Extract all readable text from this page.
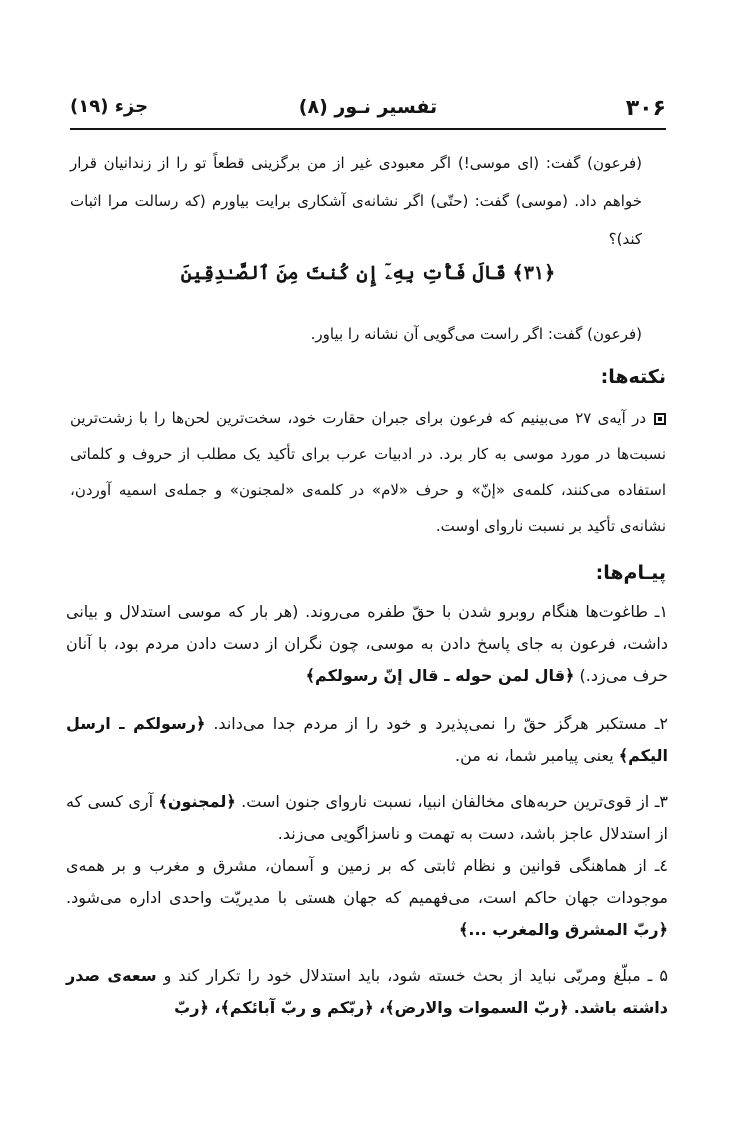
۳۰۶
تفسیر نـور (۸)
جزء (۱۹)

(فرعون) گفت: (ای موسی!) اگر معبودی غیر از من برگزینی قطعاً تو را از زندانیان قرار خواهم داد. (موسی) گفت: (حتّی) اگر نشانه‌ی آشکاری برایت بیاورم (که رسالت مرا اثبات کند)؟

﴿۳۱﴾ قَالَ فَأْتِ بِهِۦٓ إِن كُنتَ مِنَ ٱلصَّـٰدِقِينَ

(فرعون) گفت: اگر راست می‌گویی آن نشانه را بیاور.

نکته‌ها:

در آیه‌ی ۲۷ می‌بینیم که فرعون برای جبران حقارت خود، سخت‌ترین لحن‌ها را با زشت‌ترین نسبت‌ها در مورد موسی به کار برد. در ادبیات عرب برای تأکید یک مطلب از حروف و کلماتی استفاده می‌کنند، کلمه‌ی «إنّ» و حرف «لام» در کلمه‌ی «لمجنون» و جمله‌ی اسمیه آوردن، نشانه‌ی تأکید بر نسبت ناروای اوست.

پیـام‌ها:

۱ـ طاغوت‌ها هنگام روبرو شدن با حقّ طفره می‌روند. (هر بار که موسی استدلال و بیانی داشت، فرعون به جای پاسخ دادن به موسی، چون نگران از دست دادن مردم بود، با آنان حرف می‌زد.) ﴿قال لمن حوله ـ قال إنّ رسولكم﴾

۲ـ مستکبر هرگز حقّ را نمی‌پذیرد و خود را از مردم جدا می‌داند. ﴿رسولكم ـ ارسل اليكم﴾ یعنی پیامبر شما، نه من.

۳ـ از قوی‌ترین حربه‌های مخالفان انبیا، نسبت ناروای جنون است. ﴿لمجنون﴾ آری کسی که از استدلال عاجز باشد، دست به تهمت و ناسزاگویی می‌زند.

٤ـ از هماهنگی قوانین و نظام ثابتی که بر زمین و آسمان، مشرق و مغرب و بر همه‌ی موجودات جهان حاکم است، می‌فهمیم که جهان هستی با مدیریّت واحدی اداره می‌شود. ﴿ربّ المشرق والمغرب ...﴾

۵ ـ مبلّغ ومربّی نباید از بحث خسته شود، باید استدلال خود را تکرار کند و سعه‌ی صدر داشته باشد. ﴿ربّ السموات والارض﴾، ﴿ربّكم و ربّ آبائكم﴾، ﴿ربّ
